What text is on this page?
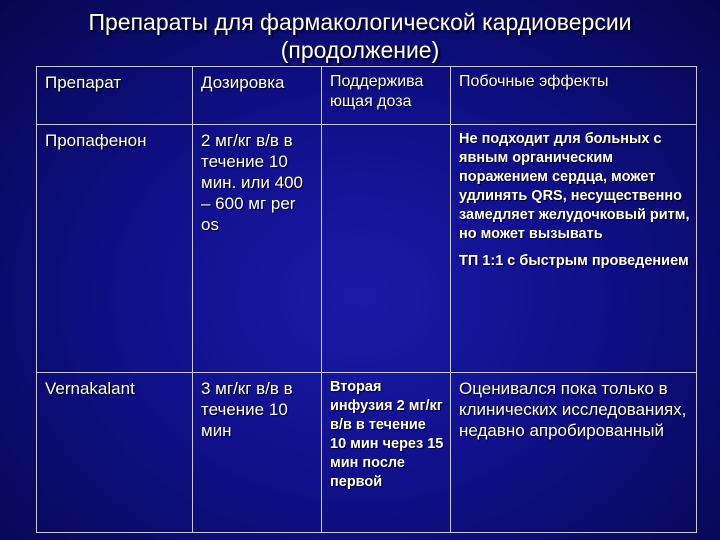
Препараты для фармакологической кардиоверсии
(продолжение)
Препарат	Дозировка	Поддержива ющая доза	Побочные эффекты
Пропафенон	2 мг/кг в/в в течение 10 мин. или 400 – 600 мг per os		Не подходит для больных с явным органическим поражением сердца, может удлинять QRS, несущественно замедляет желудочковый ритм, но может вызывать
ТП 1:1 с быстрым проведением

Vernakalant	3 мг/кг в/в в течение 10 мин	Вторая инфузия 2 мг/кг в/в в течение 10 мин через 15 мин после первой	Оценивался пока только в клинических исследованиях, недавно апробированный
